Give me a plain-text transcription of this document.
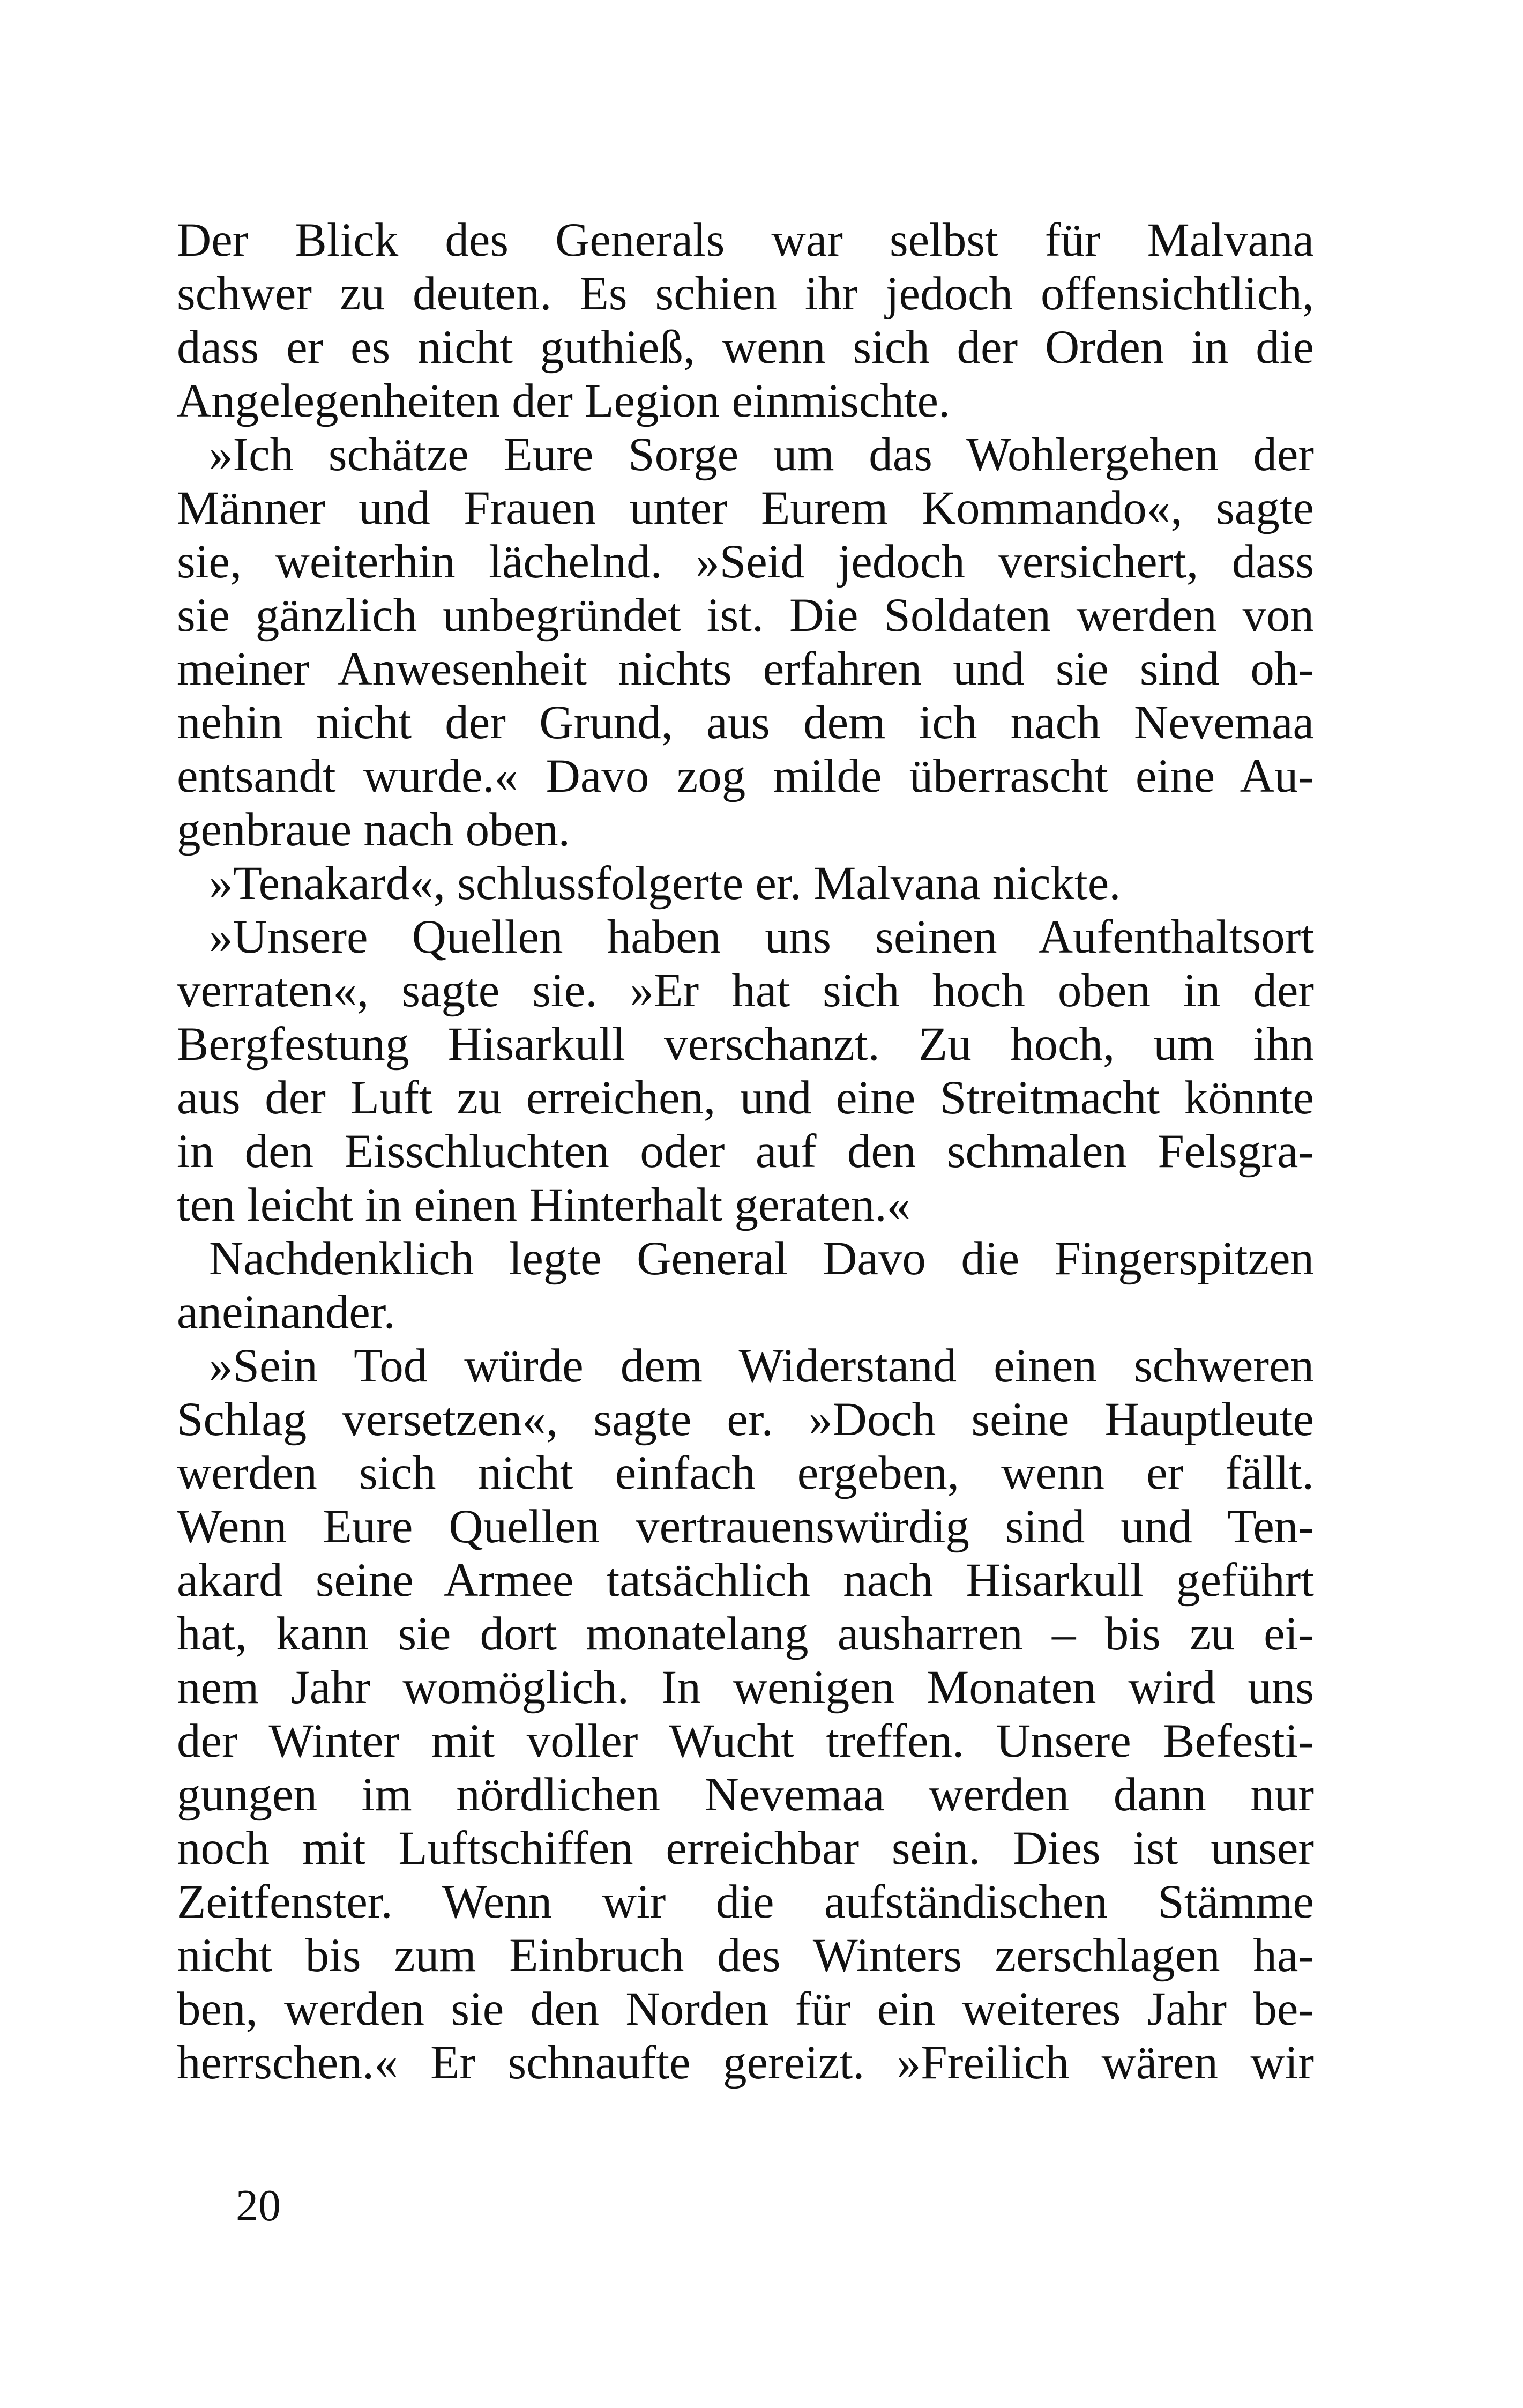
Der Blick des Generals war selbst für Malvana
schwer zu deuten. Es schien ihr jedoch offensichtlich,
dass er es nicht guthieß, wenn sich der Orden in die
Angelegenheiten der Legion einmischte.
»Ich schätze Eure Sorge um das Wohlergehen der
Männer und Frauen unter Eurem Kommando«, sagte
sie, weiterhin lächelnd. »Seid jedoch versichert, dass
sie gänzlich unbegründet ist. Die Soldaten werden von
meiner Anwesenheit nichts erfahren und sie sind oh-
nehin nicht der Grund, aus dem ich nach Nevemaa
entsandt wurde.« Davo zog milde überrascht eine Au-
genbraue nach oben.
»Tenakard«, schlussfolgerte er. Malvana nickte.
»Unsere Quellen haben uns seinen Aufenthaltsort
verraten«, sagte sie. »Er hat sich hoch oben in der
Bergfestung Hisarkull verschanzt. Zu hoch, um ihn
aus der Luft zu erreichen, und eine Streitmacht könnte
in den Eisschluchten oder auf den schmalen Felsgra-
ten leicht in einen Hinterhalt geraten.«
Nachdenklich legte General Davo die Fingerspitzen
aneinander.
»Sein Tod würde dem Widerstand einen schweren
Schlag versetzen«, sagte er. »Doch seine Hauptleute
werden sich nicht einfach ergeben, wenn er fällt.
Wenn Eure Quellen vertrauenswürdig sind und Ten-
akard seine Armee tatsächlich nach Hisarkull geführt
hat, kann sie dort monatelang ausharren – bis zu ei-
nem Jahr womöglich. In wenigen Monaten wird uns
der Winter mit voller Wucht treffen. Unsere Befesti-
gungen im nördlichen Nevemaa werden dann nur
noch mit Luftschiffen erreichbar sein. Dies ist unser
Zeitfenster. Wenn wir die aufständischen Stämme
nicht bis zum Einbruch des Winters zerschlagen ha-
ben, werden sie den Norden für ein weiteres Jahr be-
herrschen.« Er schnaufte gereizt. »Freilich wären wir
20
